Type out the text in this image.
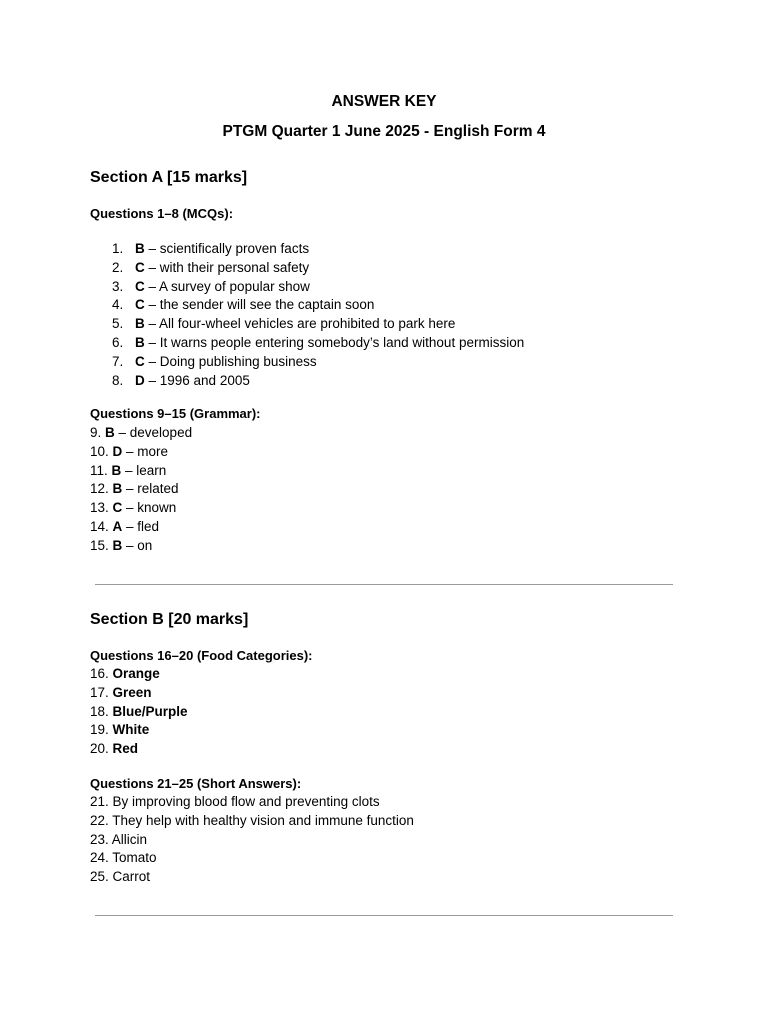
ANSWER KEY
PTGM Quarter 1 June 2025 - English Form 4
Section A [15 marks]
Questions 1–8 (MCQs):
1. B – scientifically proven facts
2. C – with their personal safety
3. C – A survey of popular show
4. C – the sender will see the captain soon
5. B – All four-wheel vehicles are prohibited to park here
6. B – It warns people entering somebody’s land without permission
7. C – Doing publishing business
8. D – 1996 and 2005
Questions 9–15 (Grammar):
9. B – developed
10. D – more
11. B – learn
12. B – related
13. C – known
14. A – fled
15. B – on
Section B [20 marks]
Questions 16–20 (Food Categories):
16. Orange
17. Green
18. Blue/Purple
19. White
20. Red
Questions 21–25 (Short Answers):
21. By improving blood flow and preventing clots
22. They help with healthy vision and immune function
23. Allicin
24. Tomato
25. Carrot
